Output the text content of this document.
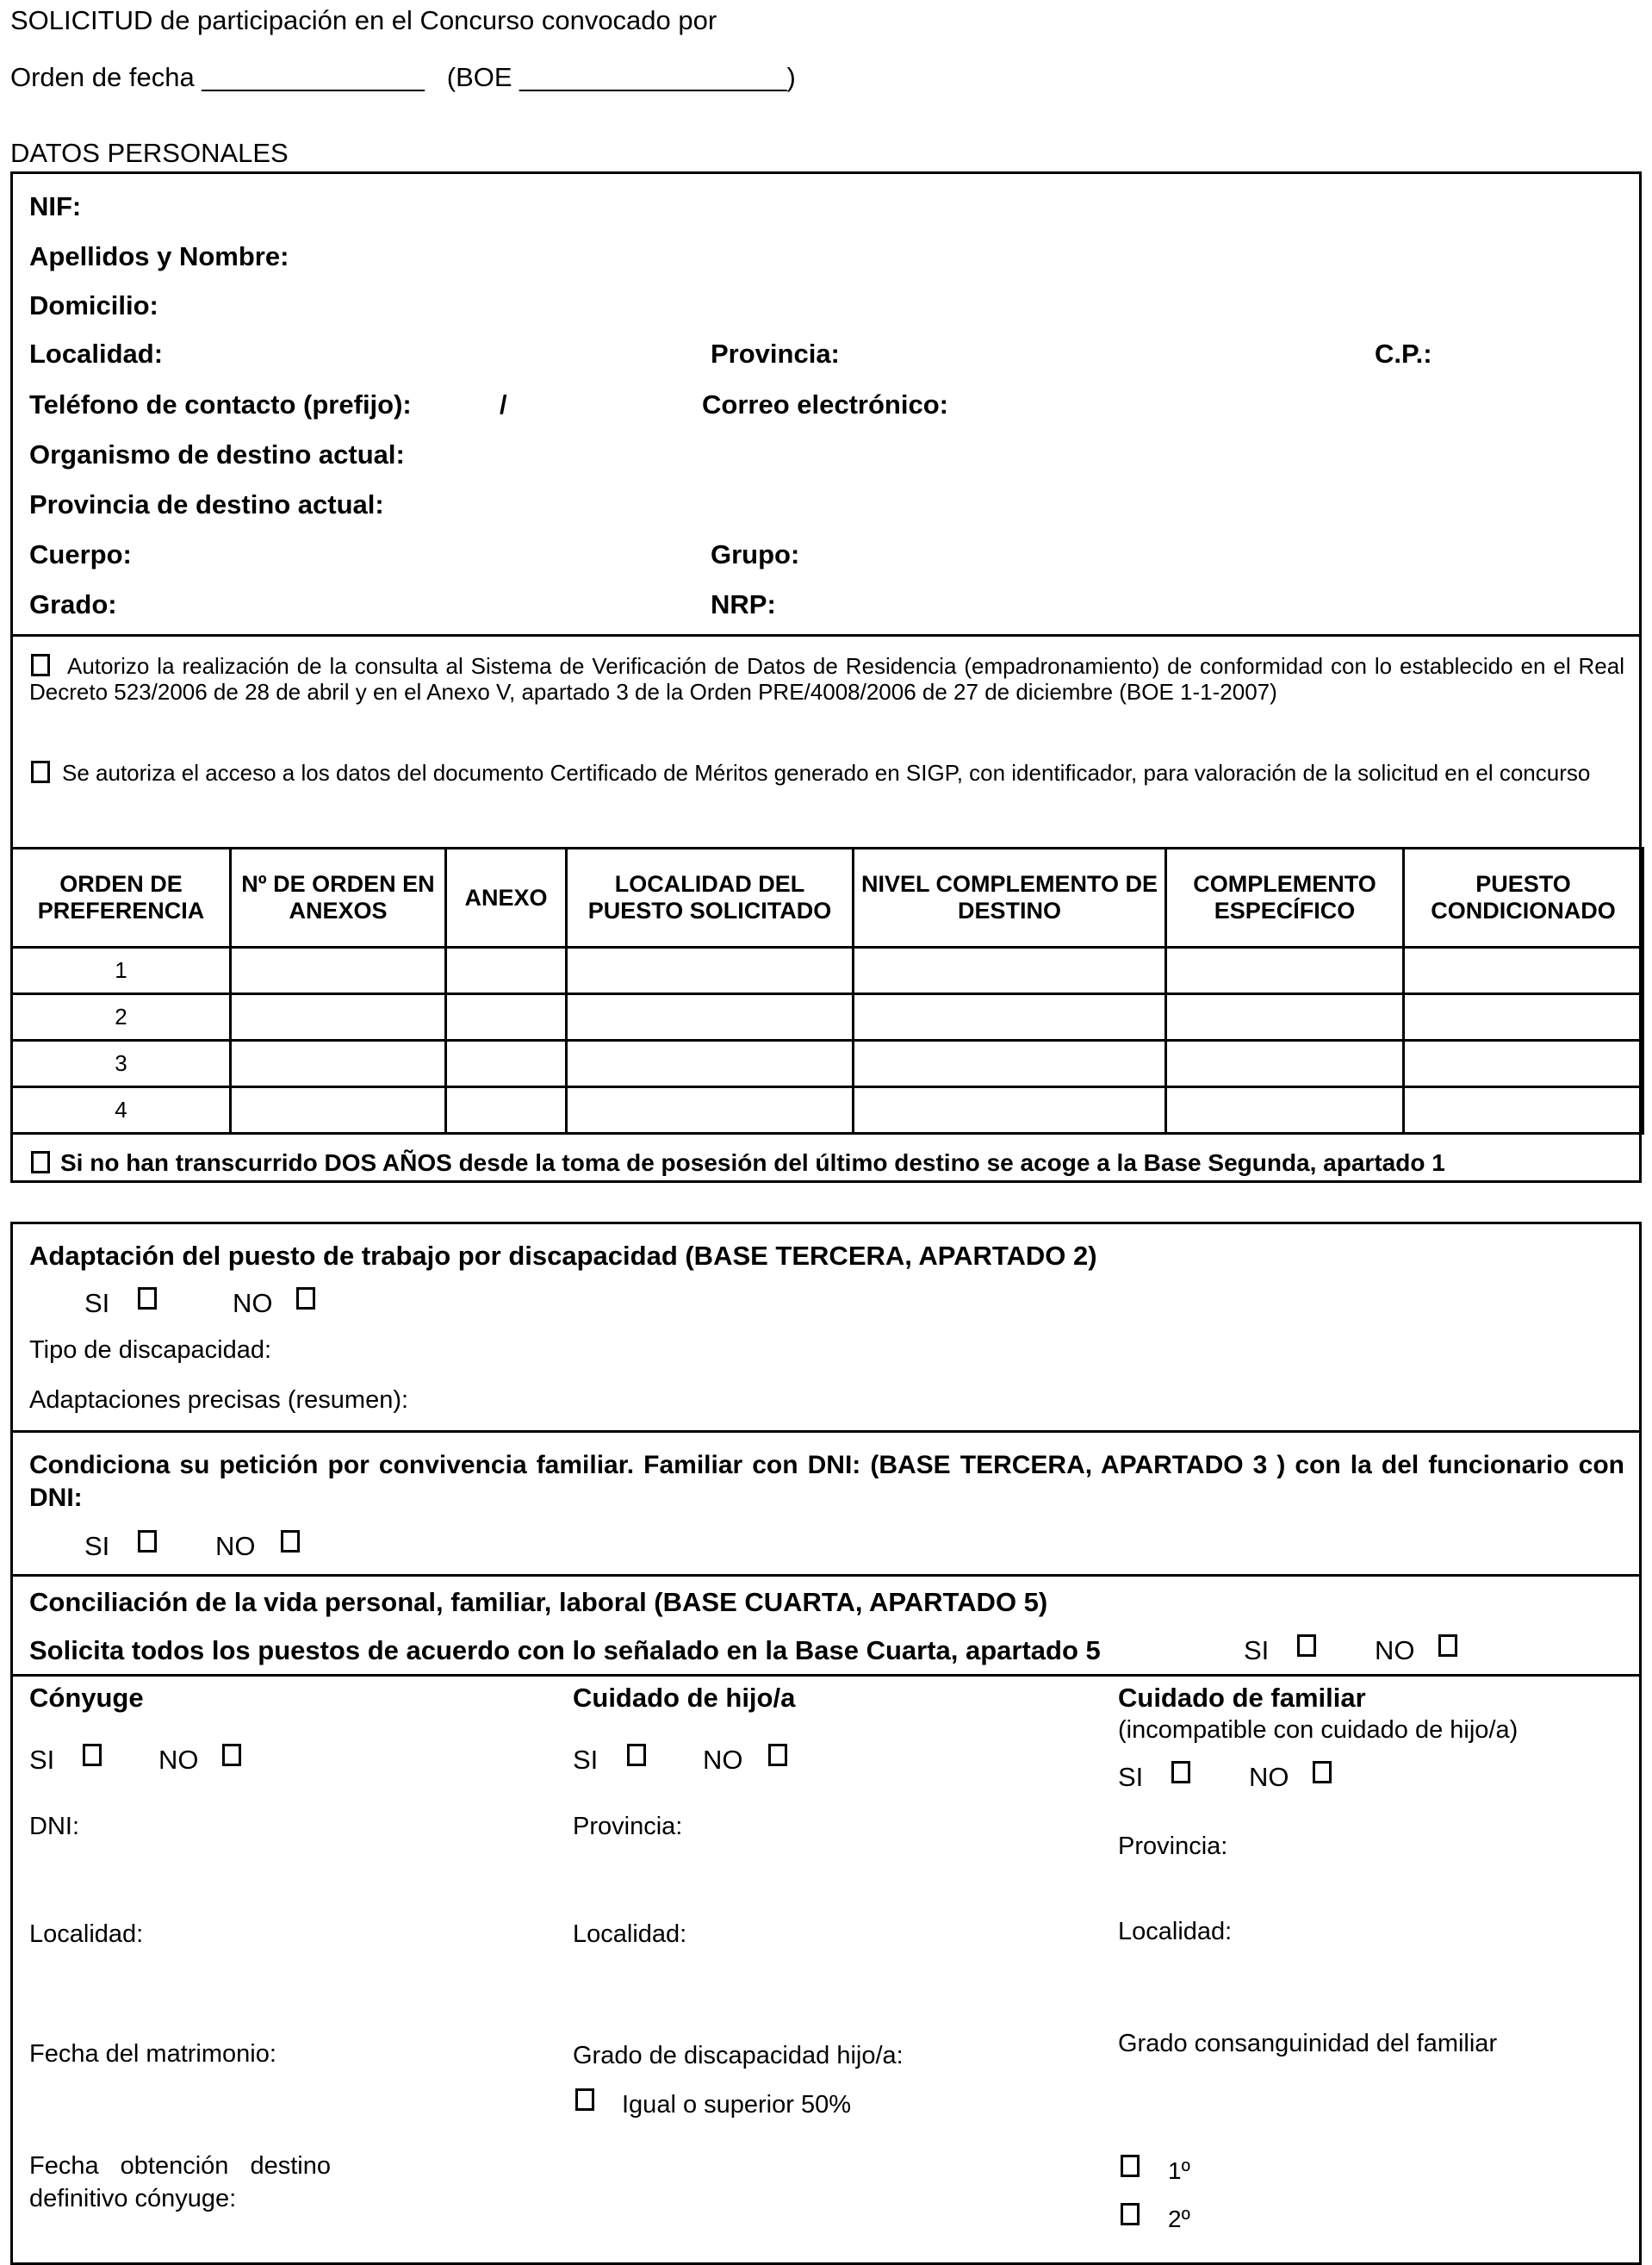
SOLICITUD de participación en el Concurso convocado por
Orden de fecha _______________   (BOE __________________)
DATOS PERSONALES
NIF:
Apellidos y Nombre:
Domicilio:
Localidad:	Provincia:	C.P.:
Teléfono de contacto (prefijo):	/	Correo electrónico:
Organismo de destino actual:
Provincia de destino actual:
Cuerpo:	Grupo:
Grado:	NRP:
Autorizo la realización de la consulta al Sistema de Verificación de Datos de Residencia (empadronamiento) de conformidad con lo establecido en el Real Decreto 523/2006 de 28 de abril y en el Anexo V, apartado 3 de la Orden PRE/4008/2006 de 27 de diciembre (BOE 1-1-2007)
Se autoriza el acceso a los datos del documento Certificado de Méritos generado en SIGP, con identificador, para valoración de la solicitud en el concurso
ORDEN DE PREFERENCIA	Nº DE ORDEN EN ANEXOS	ANEXO	LOCALIDAD DEL PUESTO SOLICITADO	NIVEL COMPLEMENTO DE DESTINO	COMPLEMENTO ESPECÍFICO	PUESTO CONDICIONADO
1						
2						
3						
4						
Si no han transcurrido DOS AÑOS desde la toma de posesión del último destino se acoge a la Base Segunda, apartado 1
Adaptación del puesto de trabajo por discapacidad (BASE TERCERA, APARTADO 2)
SI	NO
Tipo de discapacidad:
Adaptaciones precisas (resumen):
Condiciona su petición por convivencia familiar. Familiar con DNI: (BASE TERCERA, APARTADO 3 ) con la del funcionario con DNI:
SI	NO
Conciliación de la vida personal, familiar, laboral (BASE CUARTA, APARTADO 5)
Solicita todos los puestos de acuerdo con lo señalado en la Base Cuarta, apartado 5	SI	NO
Cónyuge
SI	NO
DNI:
Localidad:
Fecha del matrimonio:
Fecha obtención destino definitivo cónyuge:
Cuidado de hijo/a
SI	NO
Provincia:
Localidad:
Grado de discapacidad hijo/a:
Igual o superior 50%
Cuidado de familiar
(incompatible con cuidado de hijo/a)
SI	NO
Provincia:
Localidad:
Grado consanguinidad del familiar
1º
2º
